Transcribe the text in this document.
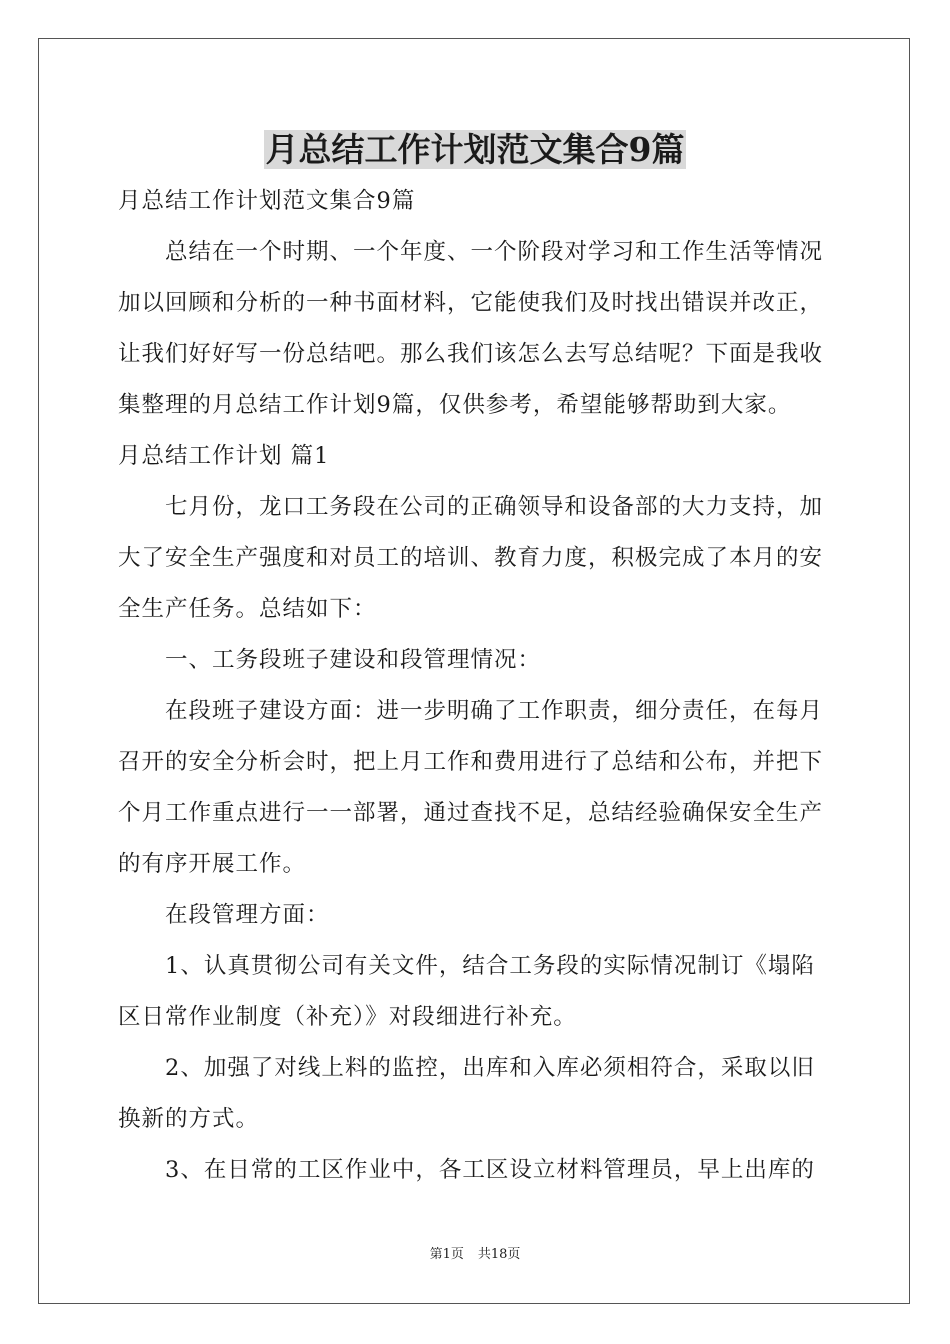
月总结工作计划范文集合9篇
月总结工作计划范文集合9篇
　　总结在一个时期、一个年度、一个阶段对学习和工作生活等情况
加以回顾和分析的一种书面材料，它能使我们及时找出错误并改正，
让我们好好写一份总结吧。那么我们该怎么去写总结呢？下面是我收
集整理的月总结工作计划9篇，仅供参考，希望能够帮助到大家。
月总结工作计划 篇1
　　七月份，龙口工务段在公司的正确领导和设备部的大力支持，加
大了安全生产强度和对员工的培训、教育力度，积极完成了本月的安
全生产任务。总结如下：
　　一、工务段班子建设和段管理情况：
　　在段班子建设方面：进一步明确了工作职责，细分责任，在每月
召开的安全分析会时，把上月工作和费用进行了总结和公布，并把下
个月工作重点进行一一部署，通过查找不足，总结经验确保安全生产
的有序开展工作。
　　在段管理方面：
　　1、认真贯彻公司有关文件，结合工务段的实际情况制订《塌陷
区日常作业制度（补充）》对段细进行补充。
　　2、加强了对线上料的监控，出库和入库必须相符合，采取以旧
换新的方式。
　　3、在日常的工区作业中，各工区设立材料管理员，早上出库的
第1页 共18页
